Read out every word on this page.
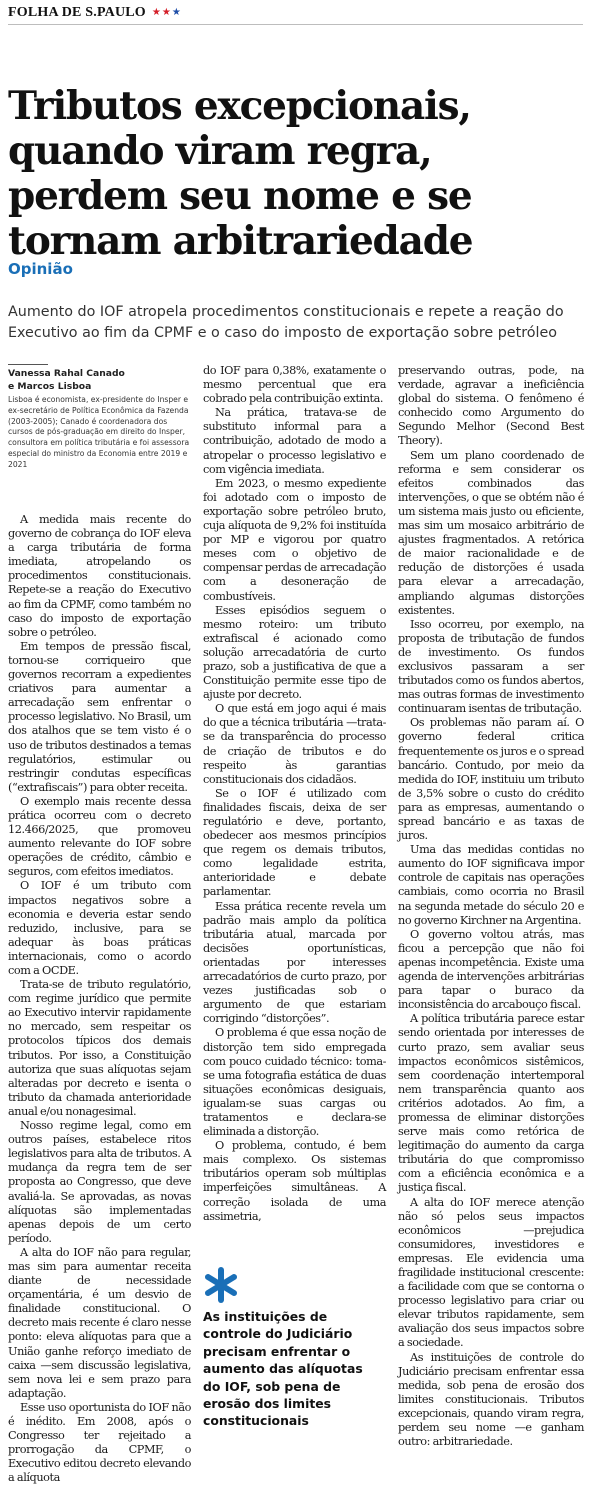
FOLHA DE S.PAULO ★ ★ ★
Tributos excepcionais, quando viram regra, perdem seu nome e se tornam arbitrariedade
Opinião
Aumento do IOF atropela procedimentos constitucionais e repete a reação do Executivo ao fim da CPMF e o caso do imposto de exportação sobre petróleo
Vanessa Rahal Canado
e Marcos Lisboa
Lisboa é economista, ex-presidente do Insper e ex-secretário de Política Econômica da Fazenda (2003-2005); Canado é coordenadora dos cursos de pós-graduação em direito do Insper, consultora em política tributária e foi assessora especial do ministro da Economia entre 2019 e 2021

A medida mais recente do governo de cobrança do IOF eleva a carga tributária de forma imediata, atropelando os procedimentos constitucionais. Repete-se a reação do Executivo ao fim da CPMF, como também no caso do imposto de exportação sobre o petróleo.

Em tempos de pressão fiscal, tornou-se corriqueiro que governos recorram a expedientes criativos para aumentar a arrecadação sem enfrentar o processo legislativo. No Brasil, um dos atalhos que se tem visto é o uso de tributos destinados a temas regulatórios, estimular ou restringir condutas específicas (“extrafiscais”) para obter receita.

O exemplo mais recente dessa prática ocorreu com o decreto 12.466/2025, que promoveu aumento relevante do IOF sobre operações de crédito, câmbio e seguros, com efeitos imediatos.

O IOF é um tributo com impactos negativos sobre a economia e deveria estar sendo reduzido, inclusive, para se adequar às boas práticas internacionais, como o acordo com a OCDE.

Trata-se de tributo regulatório, com regime jurídico que permite ao Executivo intervir rapidamente no mercado, sem respeitar os protocolos típicos dos demais tributos. Por isso, a Constituição autoriza que suas alíquotas sejam alteradas por decreto e isenta o tributo da chamada anterioridade anual e/ou nonagesimal.

Nosso regime legal, como em outros países, estabelece ritos legislativos para alta de tributos. A mudança da regra tem de ser proposta ao Congresso, que deve avaliá-la. Se aprovadas, as novas alíquotas são implementadas apenas depois de um certo período.

A alta do IOF não para regular, mas sim para aumentar receita diante de necessidade orçamentária, é um desvio de finalidade constitucional. O decreto mais recente é claro nesse ponto: eleva alíquotas para que a União ganhe reforço imediato de caixa —sem discussão legislativa, sem nova lei e sem prazo para adaptação.

Esse uso oportunista do IOF não é inédito. Em 2008, após o Congresso ter rejeitado a prorrogação da CPMF, o Executivo editou decreto elevando a alíquota

do IOF para 0,38%, exatamente o mesmo percentual que era cobrado pela contribuição extinta.

Na prática, tratava-se de substituto informal para a contribuição, adotado de modo a atropelar o processo legislativo e com vigência imediata.

Em 2023, o mesmo expediente foi adotado com o imposto de exportação sobre petróleo bruto, cuja alíquota de 9,2% foi instituída por MP e vigorou por quatro meses com o objetivo de compensar perdas de arrecadação com a desoneração de combustíveis.

Esses episódios seguem o mesmo roteiro: um tributo extrafiscal é acionado como solução arrecadatória de curto prazo, sob a justificativa de que a Constituição permite esse tipo de ajuste por decreto.

O que está em jogo aqui é mais do que a técnica tributária —trata-se da transparência do processo de criação de tributos e do respeito às garantias constitucionais dos cidadãos.

Se o IOF é utilizado com finalidades fiscais, deixa de ser regulatório e deve, portanto, obedecer aos mesmos princípios que regem os demais tributos, como legalidade estrita, anterioridade e debate parlamentar.

Essa prática recente revela um padrão mais amplo da política tributária atual, marcada por decisões oportunísticas, orientadas por interesses arrecadatórios de curto prazo, por vezes justificadas sob o argumento de que estariam corrigindo “distorções”.

O problema é que essa noção de distorção tem sido empregada com pouco cuidado técnico: toma-se uma fotografia estática de duas situações econômicas desiguais, igualam-se suas cargas ou tratamentos e declara-se eliminada a distorção.

O problema, contudo, é bem mais complexo. Os sistemas tributários operam sob múltiplas imperfeições simultâneas. A correção isolada de uma assimetria,

As instituições de controle do Judiciário precisam enfrentar o aumento das alíquotas do IOF, sob pena de erosão dos limites constitucionais

preservando outras, pode, na verdade, agravar a ineficiência global do sistema. O fenômeno é conhecido como Argumento do Segundo Melhor (Second Best Theory).

Sem um plano coordenado de reforma e sem considerar os efeitos combinados das intervenções, o que se obtém não é um sistema mais justo ou eficiente, mas sim um mosaico arbitrário de ajustes fragmentados. A retórica de maior racionalidade e de redução de distorções é usada para elevar a arrecadação, ampliando algumas distorções existentes.

Isso ocorreu, por exemplo, na proposta de tributação de fundos de investimento. Os fundos exclusivos passaram a ser tributados como os fundos abertos, mas outras formas de investimento continuaram isentas de tributação.

Os problemas não param aí. O governo federal critica frequentemente os juros e o spread bancário. Contudo, por meio da medida do IOF, instituiu um tributo de 3,5% sobre o custo do crédito para as empresas, aumentando o spread bancário e as taxas de juros.

Uma das medidas contidas no aumento do IOF significava impor controle de capitais nas operações cambiais, como ocorria no Brasil na segunda metade do século 20 e no governo Kirchner na Argentina.

O governo voltou atrás, mas ficou a percepção que não foi apenas incompetência. Existe uma agenda de intervenções arbitrárias para tapar o buraco da inconsistência do arcabouço fiscal.

A política tributária parece estar sendo orientada por interesses de curto prazo, sem avaliar seus impactos econômicos sistêmicos, sem coordenação intertemporal nem transparência quanto aos critérios adotados. Ao fim, a promessa de eliminar distorções serve mais como retórica de legitimação do aumento da carga tributária do que compromisso com a eficiência econômica e a justiça fiscal.

A alta do IOF merece atenção não só pelos seus impactos econômicos —prejudica consumidores, investidores e empresas. Ele evidencia uma fragilidade institucional crescente: a facilidade com que se contorna o processo legislativo para criar ou elevar tributos rapidamente, sem avaliação dos seus impactos sobre a sociedade.

As instituições de controle do Judiciário precisam enfrentar essa medida, sob pena de erosão dos limites constitucionais. Tributos excepcionais, quando viram regra, perdem seu nome —e ganham outro: arbitrariedade.
